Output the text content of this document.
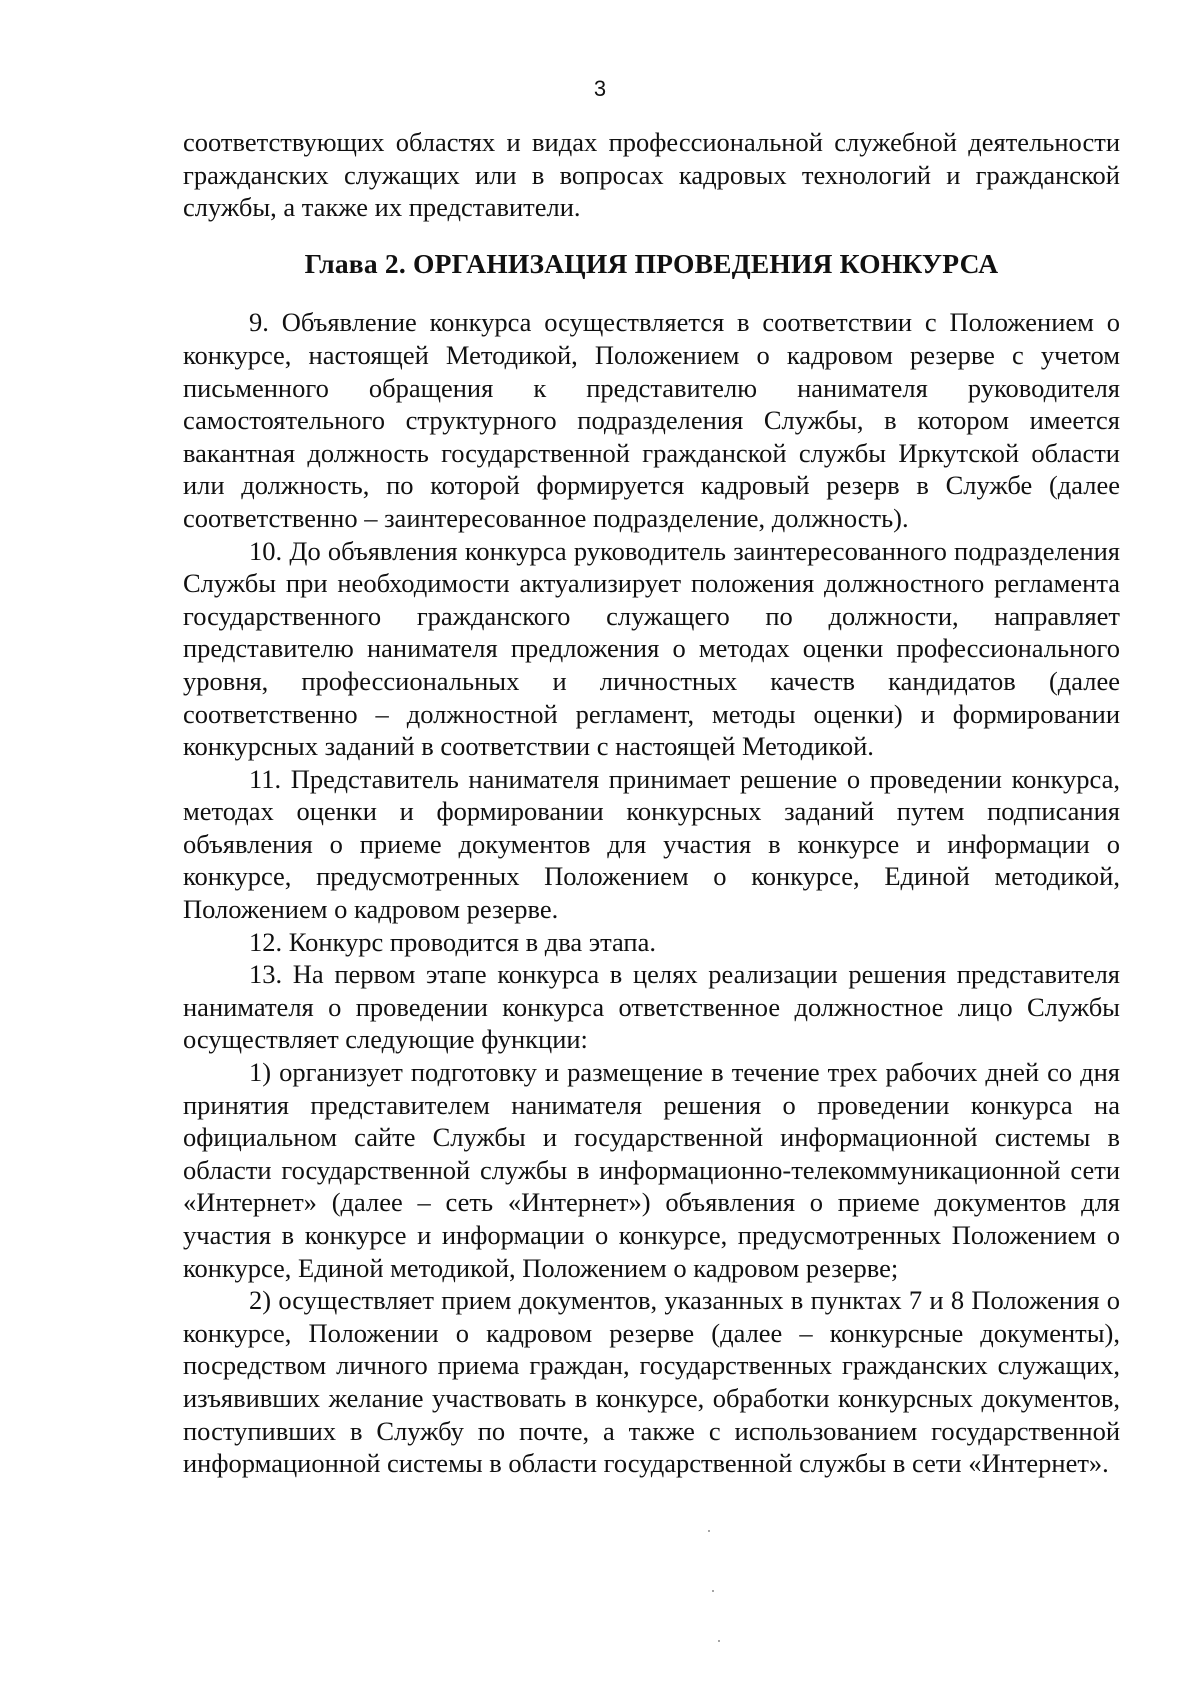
3

соответствующих областях и видах профессиональной служебной деятельности гражданских служащих или в вопросах кадровых технологий и гражданской службы, а также их представители.

Глава 2. ОРГАНИЗАЦИЯ ПРОВЕДЕНИЯ КОНКУРСА

9. Объявление конкурса осуществляется в соответствии с Положением о конкурсе, настоящей Методикой, Положением о кадровом резерве с учетом письменного обращения к представителю нанимателя руководителя самостоятельного структурного подразделения Службы, в котором имеется вакантная должность государственной гражданской службы Иркутской области или должность, по которой формируется кадровый резерв в Службе (далее соответственно – заинтересованное подразделение, должность).

10. До объявления конкурса руководитель заинтересованного подразделения Службы при необходимости актуализирует положения должностного регламента государственного гражданского служащего по должности, направляет представителю нанимателя предложения о методах оценки профессионального уровня, профессиональных и личностных качеств кандидатов (далее соответственно – должностной регламент, методы оценки) и формировании конкурсных заданий в соответствии с настоящей Методикой.

11. Представитель нанимателя принимает решение о проведении конкурса, методах оценки и формировании конкурсных заданий путем подписания объявления о приеме документов для участия в конкурсе и информации о конкурсе, предусмотренных Положением о конкурсе, Единой методикой, Положением о кадровом резерве.

12. Конкурс проводится в два этапа.

13. На первом этапе конкурса в целях реализации решения представителя нанимателя о проведении конкурса ответственное должностное лицо Службы осуществляет следующие функции:

1) организует подготовку и размещение в течение трех рабочих дней со дня принятия представителем нанимателя решения о проведении конкурса на официальном сайте Службы и государственной информационной системы в области государственной службы в информационно-телекоммуникационной сети «Интернет» (далее – сеть «Интернет») объявления о приеме документов для участия в конкурсе и информации о конкурсе, предусмотренных Положением о конкурсе, Единой методикой, Положением о кадровом резерве;

2) осуществляет прием документов, указанных в пунктах 7 и 8 Положения о конкурсе, Положении о кадровом резерве (далее – конкурсные документы), посредством личного приема граждан, государственных гражданских служащих, изъявивших желание участвовать в конкурсе, обработки конкурсных документов, поступивших в Службу по почте, а также с использованием государственной информационной системы в области государственной службы в сети «Интернет».
